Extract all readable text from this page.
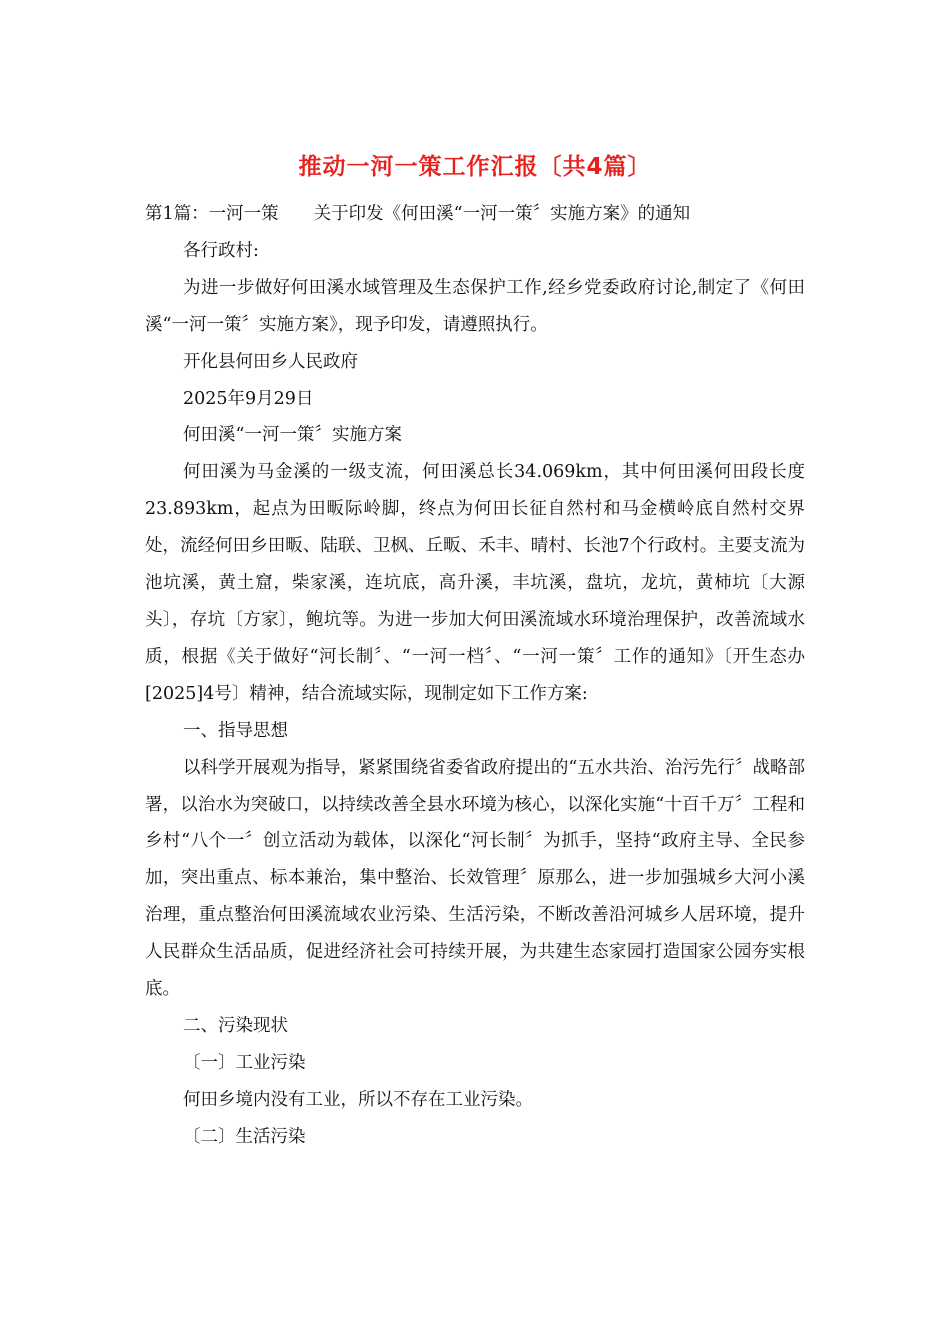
推动一河一策工作汇报〔共4篇〕

第1篇：一河一策　　关于印发《何田溪“一河一策〞实施方案》的通知

各行政村:

为进一步做好何田溪水域管理及生态保护工作,经乡党委政府讨论,制定了《何田溪“一河一策〞实施方案》，现予印发，请遵照执行。

开化县何田乡人民政府

2025年9月29日

何田溪“一河一策〞实施方案

何田溪为马金溪的一级支流，何田溪总长34.069km，其中何田溪何田段长度23.893km，起点为田畈际岭脚，终点为何田长征自然村和马金横岭底自然村交界处，流经何田乡田畈、陆联、卫枫、丘畈、禾丰、晴村、长池7个行政村。主要支流为池坑溪，黄土窟，柴家溪，连坑底，高升溪，丰坑溪，盘坑，龙坑，黄柿坑〔大源头〕，存坑〔方家〕，鲍坑等。为进一步加大何田溪流域水环境治理保护，改善流域水质，根据《关于做好“河长制〞、“一河一档〞、“一河一策〞工作的通知》〔开生态办[2025]4号〕精神，结合流域实际，现制定如下工作方案:

一、指导思想

以科学开展观为指导，紧紧围绕省委省政府提出的“五水共治、治污先行〞战略部署，以治水为突破口，以持续改善全县水环境为核心，以深化实施“十百千万〞工程和乡村“八个一〞创立活动为载体，以深化“河长制〞为抓手，坚持“政府主导、全民参加，突出重点、标本兼治，集中整治、长效管理〞原那么，进一步加强城乡大河小溪治理，重点整治何田溪流域农业污染、生活污染，不断改善沿河城乡人居环境，提升人民群众生活品质，促进经济社会可持续开展，为共建生态家园打造国家公园夯实根底。

二、污染现状

〔一〕工业污染

何田乡境内没有工业，所以不存在工业污染。

〔二〕生活污染
